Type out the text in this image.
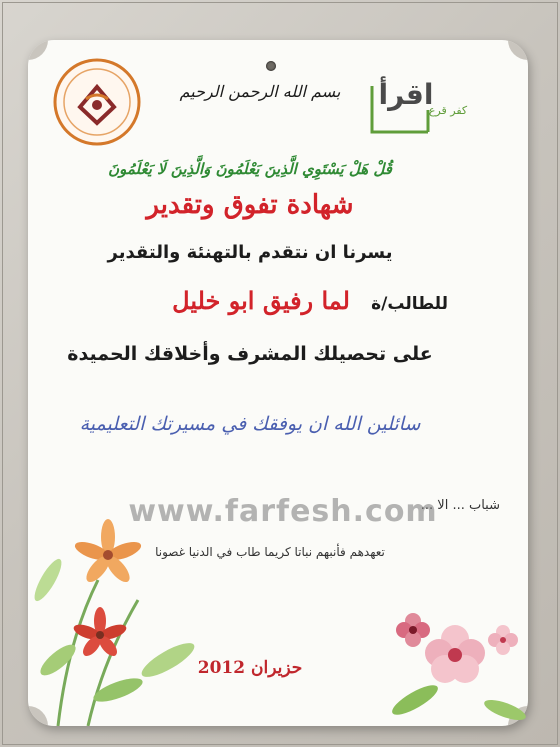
بسم الله الرحمن الرحيم اقرأ
كفر قرع
قُلْ هَلْ يَسْتَوِي الَّذِينَ يَعْلَمُونَ وَالَّذِينَ لَا يَعْلَمُونَ
شهادة تفوق وتقدير
يسرنا ان نتقدم بالتهنئة والتقدير
للطالب/ة
لما رفيق ابو خليل
على تحصيلك المشرف وأخلاقك الحميدة
سائلين الله ان يوفقك في مسيرتك التعليمية
شباب ... الا ...
www.farfesh.com
تعهدهم فأنبهم نباتا كريما طاب في الدنيا غصونا
حزيران 2012
